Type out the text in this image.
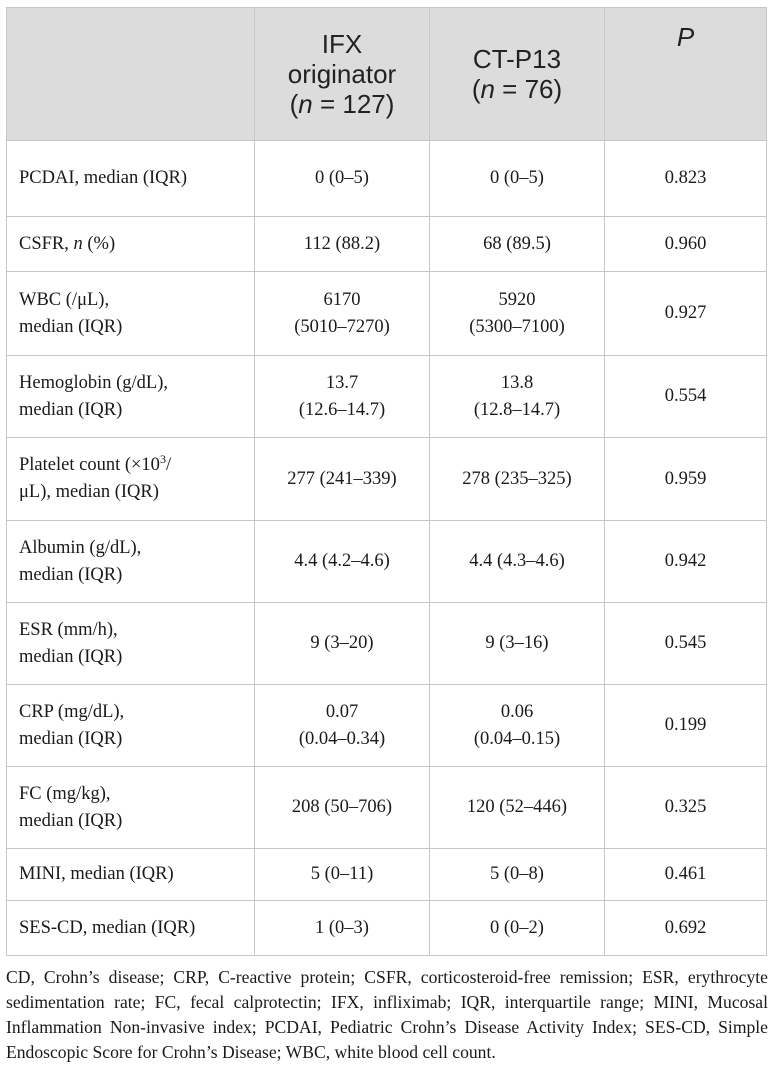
	IFX
originator
(n = 127)	CT-P13
(n = 76)	P

PCDAI, median (IQR)	0 (0–5)	0 (0–5)	0.823
CSFR, n (%)	112 (88.2)	68 (89.5)	0.960

WBC (/μL),
median (IQR)	6170
(5010–7270)	5920
(5300–7100)	0.927

Hemoglobin (g/dL),
median (IQR)	13.7
(12.6–14.7)	13.8
(12.8–14.7)	0.554

Platelet count ($\times 10^3/$
μL), median (IQR)	277 (241–339)	278 (235–325)	0.959

Albumin (g/dL),
median (IQR)	4.4 (4.2–4.6)	4.4 (4.3–4.6)	0.942

ESR (mm/h),
median (IQR)	9 (3–20)	9 (3–16)	0.545

CRP (mg/dL),
median (IQR)	0.07
(0.04–0.34)	0.06
(0.04–0.15)	0.199

FC (mg/kg),
median (IQR)	208 (50–706)	120 (52–446)	0.325

MINI, median (IQR)	5 (0–11)	5 (0–8)	0.461

SES-CD, median (IQR)	1 (0–3)	0 (0–2)	0.692
CD, Crohn’s disease; CRP, C-reactive protein; CSFR, corticosteroid-free remission; ESR, erythrocyte sedimentation rate; FC, fecal calprotectin; IFX, infliximab; IQR, interquartile range; MINI, Mucosal Inflammation Non-invasive index; PCDAI, Pediatric Crohn’s Disease Activity Index; SES-CD, Simple Endoscopic Score for Crohn’s Disease; WBC, white blood cell count.
